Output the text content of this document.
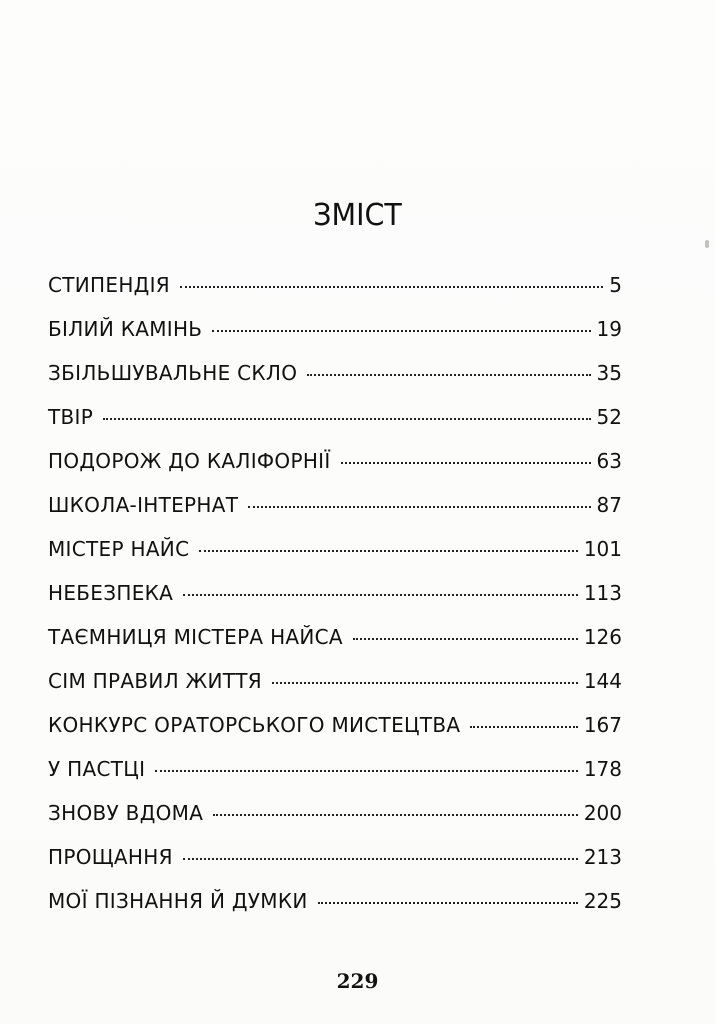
ЗМІСТ
СТИПЕНДІЯ	5
БІЛИЙ КАМІНЬ	19
ЗБІЛЬШУВАЛЬНЕ СКЛО	35
ТВІР	52
ПОДОРОЖ ДО КАЛІФОРНІЇ	63
ШКОЛА-ІНТЕРНАТ	87
МІСТЕР НАЙС	101
НЕБЕЗПЕКА	113
ТАЄМНИЦЯ МІСТЕРА НАЙСА	126
СІМ ПРАВИЛ ЖИТТЯ	144
КОНКУРС ОРАТОРСЬКОГО МИСТЕЦТВА	167
У ПАСТЦІ	178
ЗНОВУ ВДОМА	200
ПРОЩАННЯ	213
МОЇ ПІЗНАННЯ Й ДУМКИ	225
229
